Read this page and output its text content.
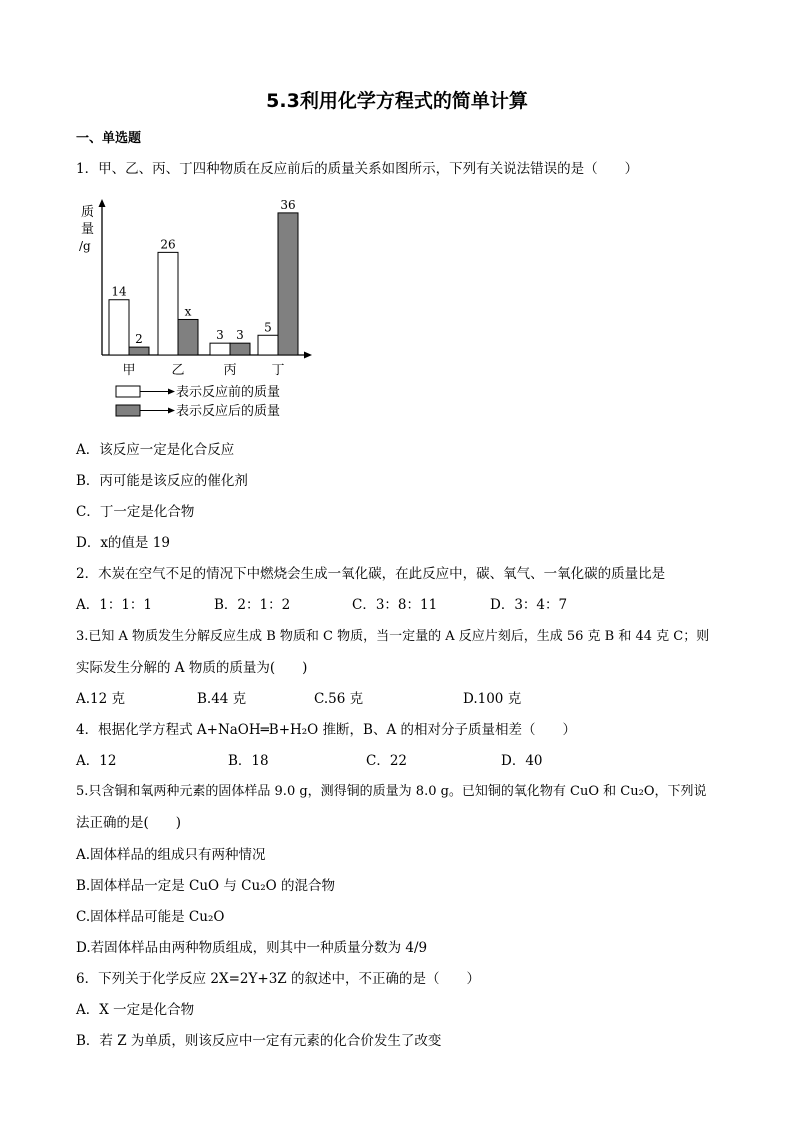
5.3利用化学方程式的简单计算
一、单选题
1．甲、乙、丙、丁四种物质在反应前后的质量关系如图所示，下列有关说法错误的是（　　）
质
量
/g
14
2
甲
26
x
乙
3 3
丙
5
36
丁
表示反应前的质量
表示反应后的质量
A．该反应一定是化合反应
B．丙可能是该反应的催化剂
C．丁一定是化合物
D．x的值是 19
2．木炭在空气不足的情况下中燃烧会生成一氧化碳，在此反应中，碳、氧气、一氧化碳的质量比是
A．1：1：1	B．2：1：2	C．3：8：11	D．3：4：7
3.已知 A 物质发生分解反应生成 B 物质和 C 物质，当一定量的 A 反应片刻后，生成 56 克 B 和 44 克 C；则
实际发生分解的 A 物质的质量为(　　)
A.12 克	B.44 克	C.56 克	D.100 克
4．根据化学方程式 A+NaOH═B+H₂O 推断，B、A 的相对分子质量相差（　　）
A．12	B．18	C．22	D．40
5.只含铜和氧两种元素的固体样品 9.0 g，测得铜的质量为 8.0 g。已知铜的氧化物有 CuO 和 Cu₂O，下列说
法正确的是(　　)
A.固体样品的组成只有两种情况
B.固体样品一定是 CuO 与 Cu₂O 的混合物
C.固体样品可能是 Cu₂O
D.若固体样品由两种物质组成，则其中一种质量分数为 4/9
6．下列关于化学反应 2X=2Y+3Z 的叙述中，不正确的是（　　）
A．X 一定是化合物
B．若 Z 为单质，则该反应中一定有元素的化合价发生了改变
